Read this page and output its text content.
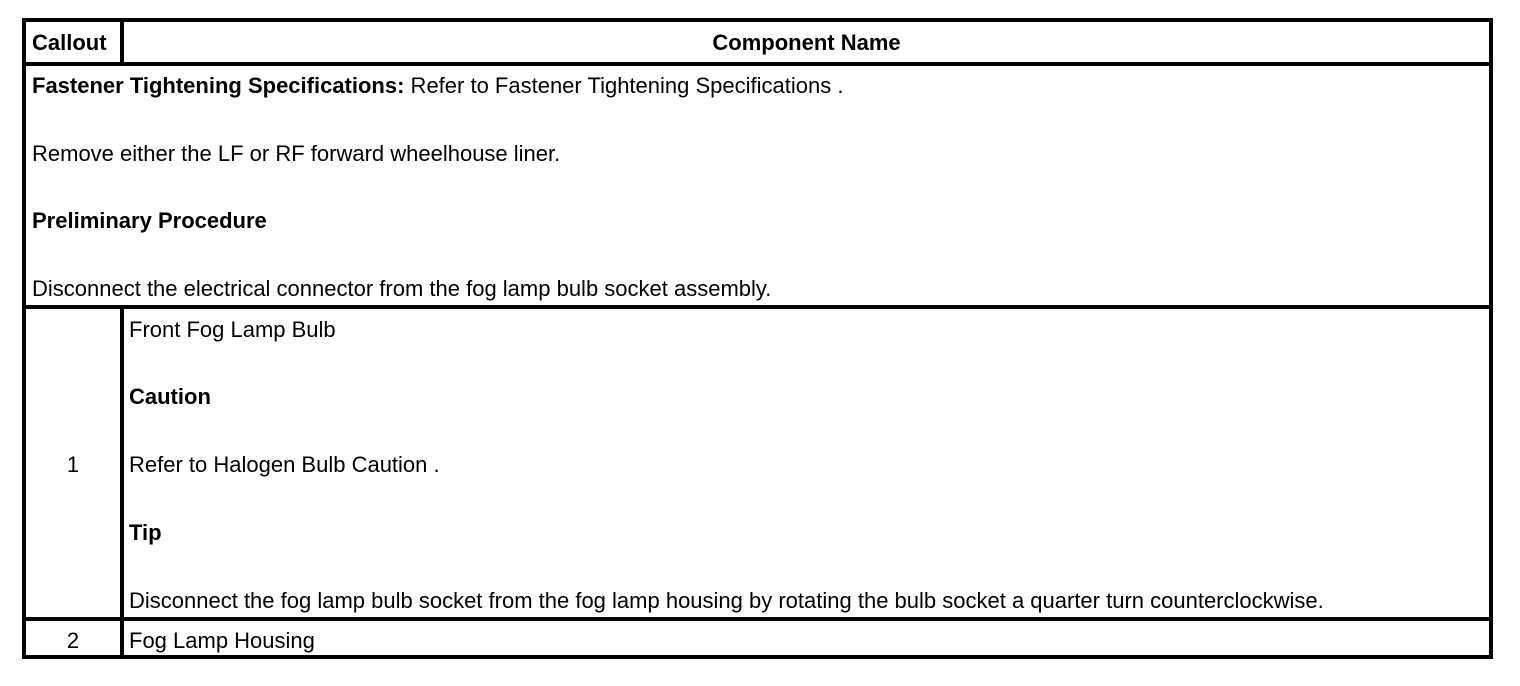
Callout	Component Name
Fastener Tightening Specifications: Refer to Fastener Tightening Specifications .
Remove either the LF or RF forward wheelhouse liner.
Preliminary Procedure
Disconnect the electrical connector from the fog lamp bulb socket assembly.
1
Front Fog Lamp Bulb
Caution
Refer to Halogen Bulb Caution .
Tip
Disconnect the fog lamp bulb socket from the fog lamp housing by rotating the bulb socket a quarter turn counterclockwise.
2	Fog Lamp Housing
